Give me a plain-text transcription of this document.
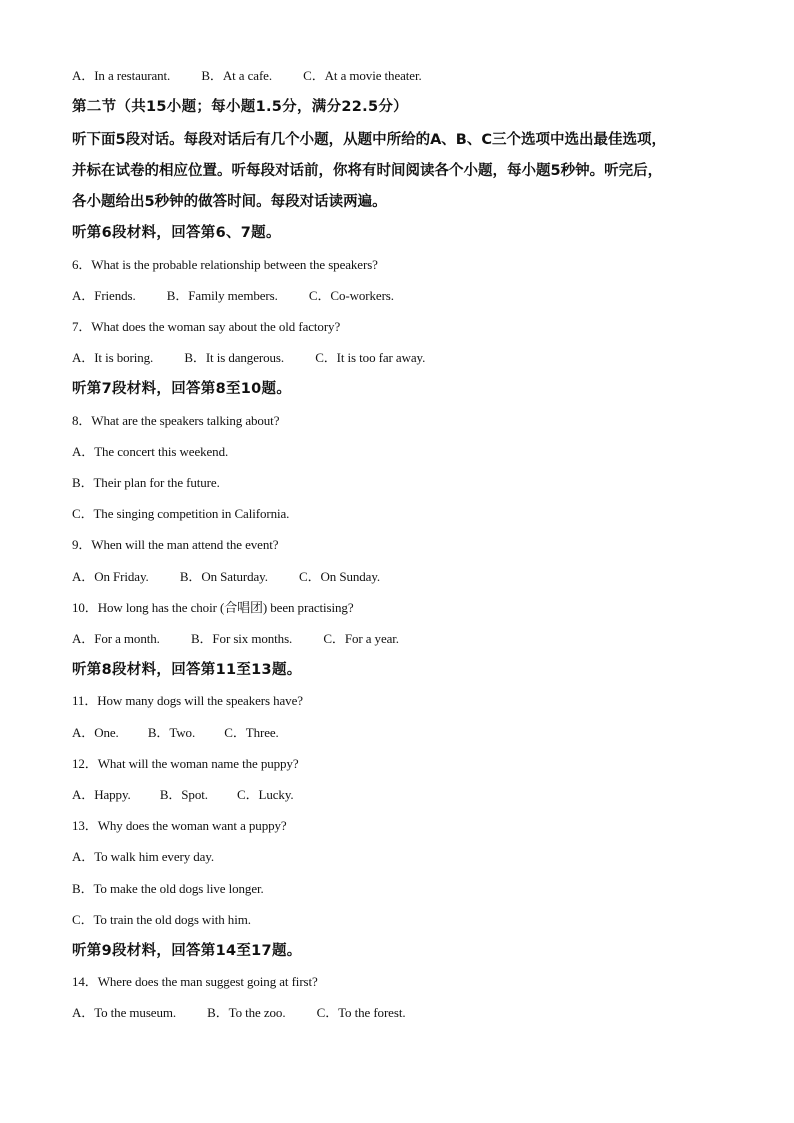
A．In a restaurant. B．At a cafe. C．At a movie theater.
第二节（共15小题；每小题1.5分，满分22.5分）
听下面5段对话。每段对话后有几个小题，从题中所给的A、B、C三个选项中选出最佳选项，
并标在试卷的相应位置。听每段对话前，你将有时间阅读各个小题，每小题5秒钟。听完后，
各小题给出5秒钟的做答时间。每段对话读两遍。
听第6段材料，回答第6、7题。
6．What is the probable relationship between the speakers?
A．Friends. B．Family members. C．Co-workers.
7．What does the woman say about the old factory?
A．It is boring. B．It is dangerous. C．It is too far away.
听第7段材料，回答第8至10题。
8．What are the speakers talking about?
A．The concert this weekend.
B．Their plan for the future.
C．The singing competition in California.
9．When will the man attend the event?
A．On Friday. B．On Saturday. C．On Sunday.
10．How long has the choir (合唱团) been practising?
A．For a month. B．For six months. C．For a year.
听第8段材料，回答第11至13题。
11．How many dogs will the speakers have?
A．One. B．Two. C．Three.
12．What will the woman name the puppy?
A．Happy. B．Spot. C．Lucky.
13．Why does the woman want a puppy?
A．To walk him every day.
B．To make the old dogs live longer.
C．To train the old dogs with him.
听第9段材料，回答第14至17题。
14．Where does the man suggest going at first?
A．To the museum. B．To the zoo. C．To the forest.
